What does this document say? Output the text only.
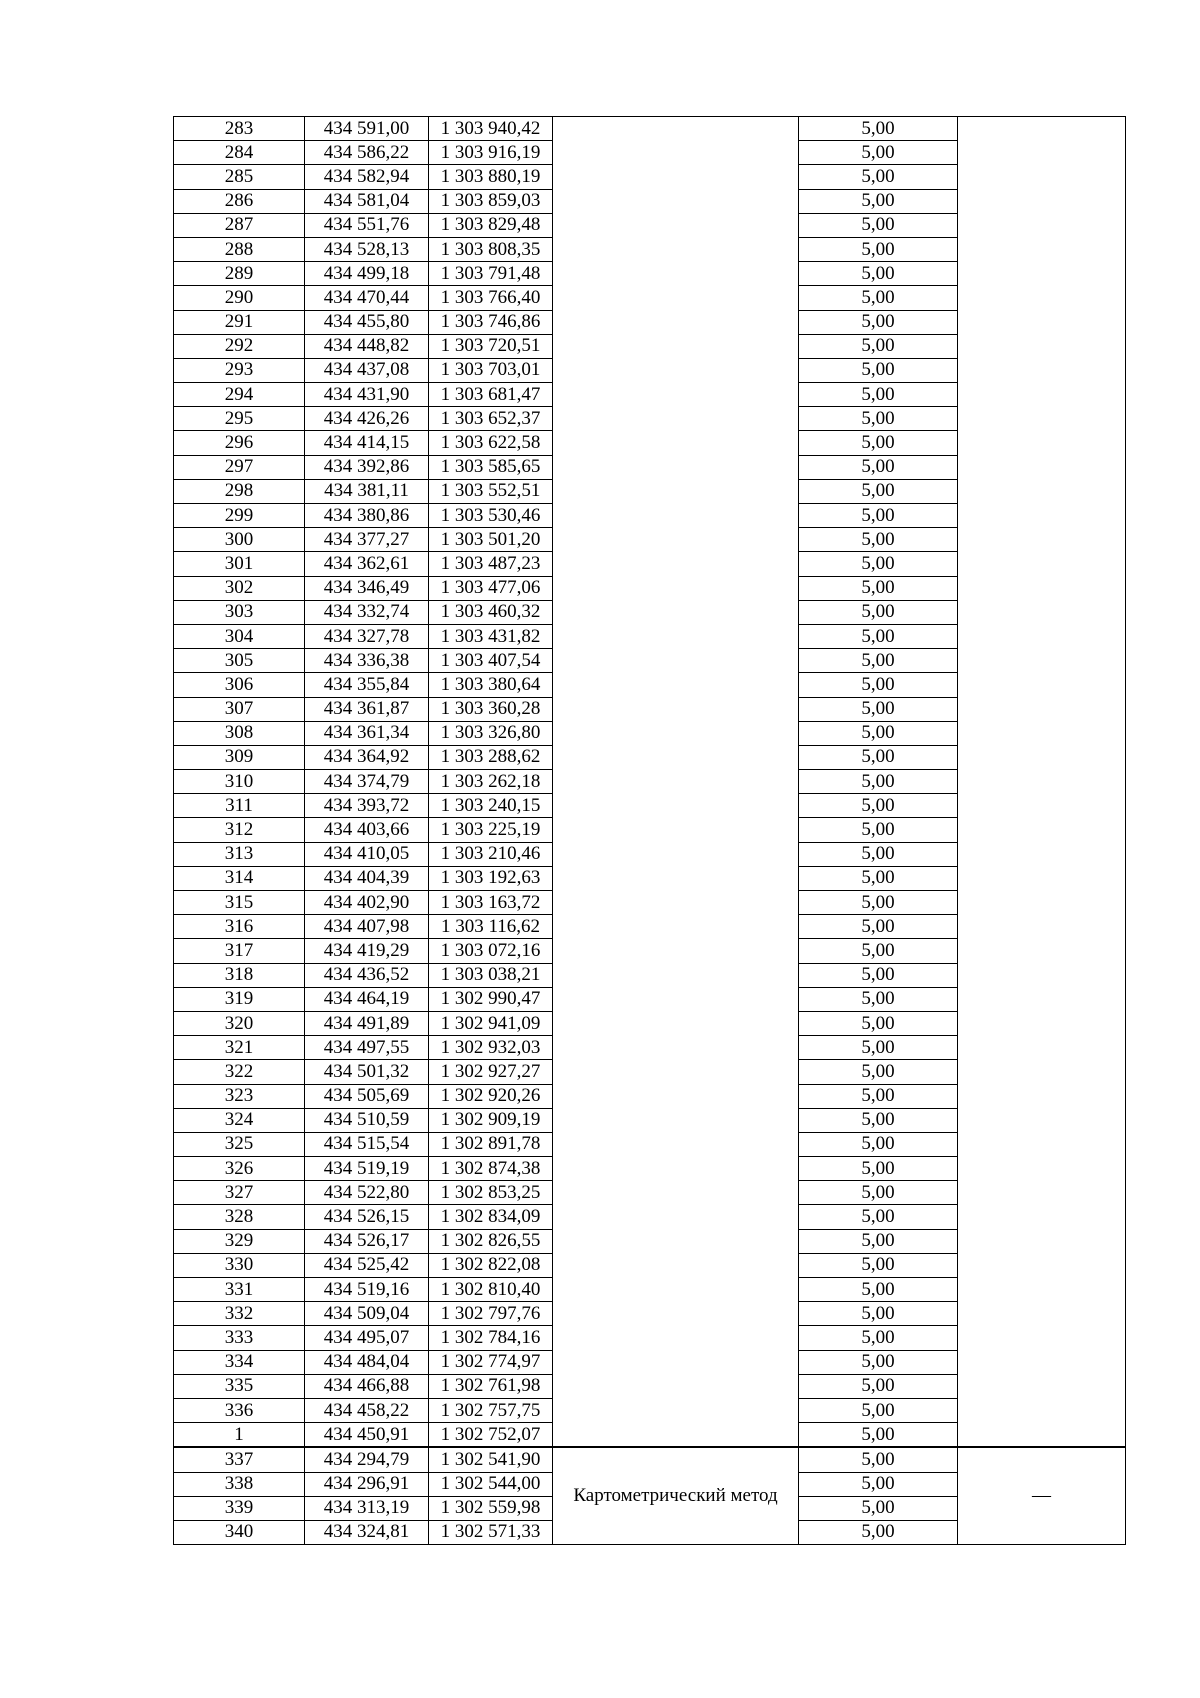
283	434 591,00	1 303 940,42		5,00	
284	434 586,22	1 303 916,19		5,00	
285	434 582,94	1 303 880,19		5,00	
286	434 581,04	1 303 859,03		5,00	
287	434 551,76	1 303 829,48		5,00	
288	434 528,13	1 303 808,35		5,00	
289	434 499,18	1 303 791,48		5,00	
290	434 470,44	1 303 766,40		5,00	
291	434 455,80	1 303 746,86		5,00	
292	434 448,82	1 303 720,51		5,00	
293	434 437,08	1 303 703,01		5,00	
294	434 431,90	1 303 681,47		5,00	
295	434 426,26	1 303 652,37		5,00	
296	434 414,15	1 303 622,58		5,00	
297	434 392,86	1 303 585,65		5,00	
298	434 381,11	1 303 552,51		5,00	
299	434 380,86	1 303 530,46		5,00	
300	434 377,27	1 303 501,20		5,00	
301	434 362,61	1 303 487,23		5,00	
302	434 346,49	1 303 477,06		5,00	
303	434 332,74	1 303 460,32		5,00	
304	434 327,78	1 303 431,82		5,00	
305	434 336,38	1 303 407,54		5,00	
306	434 355,84	1 303 380,64		5,00	
307	434 361,87	1 303 360,28		5,00	
308	434 361,34	1 303 326,80		5,00	
309	434 364,92	1 303 288,62		5,00	
310	434 374,79	1 303 262,18		5,00	
311	434 393,72	1 303 240,15		5,00	
312	434 403,66	1 303 225,19		5,00	
313	434 410,05	1 303 210,46		5,00	
314	434 404,39	1 303 192,63		5,00	
315	434 402,90	1 303 163,72		5,00	
316	434 407,98	1 303 116,62		5,00	
317	434 419,29	1 303 072,16		5,00	
318	434 436,52	1 303 038,21		5,00	
319	434 464,19	1 302 990,47		5,00	
320	434 491,89	1 302 941,09		5,00	
321	434 497,55	1 302 932,03		5,00	
322	434 501,32	1 302 927,27		5,00	
323	434 505,69	1 302 920,26		5,00	
324	434 510,59	1 302 909,19		5,00	
325	434 515,54	1 302 891,78		5,00	
326	434 519,19	1 302 874,38		5,00	
327	434 522,80	1 302 853,25		5,00	
328	434 526,15	1 302 834,09		5,00	
329	434 526,17	1 302 826,55		5,00	
330	434 525,42	1 302 822,08		5,00	
331	434 519,16	1 302 810,40		5,00	
332	434 509,04	1 302 797,76		5,00	
333	434 495,07	1 302 784,16		5,00	
334	434 484,04	1 302 774,97		5,00	
335	434 466,88	1 302 761,98		5,00	
336	434 458,22	1 302 757,75		5,00	
1	434 450,91	1 302 752,07		5,00	
337	434 294,79	1 302 541,90	Картометрический метод	5,00	—
338	434 296,91	1 302 544,00		5,00	
339	434 313,19	1 302 559,98		5,00	
340	434 324,81	1 302 571,33		5,00	
